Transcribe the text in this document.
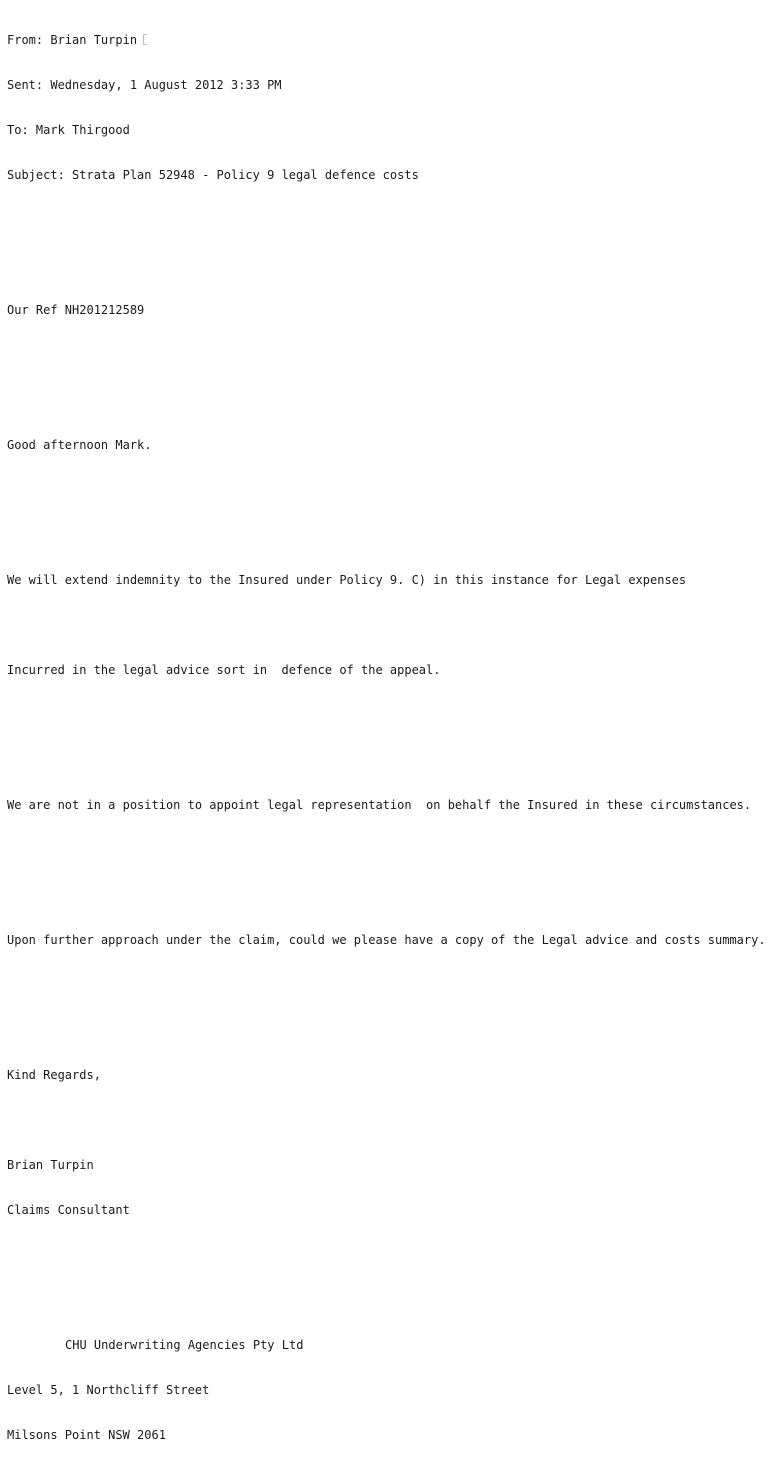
From: Brian Turpin

Sent: Wednesday, 1 August 2012 3:33 PM

To: Mark Thirgood

Subject: Strata Plan 52948 - Policy 9 legal defence costs

Our Ref NH201212589

Good afternoon Mark.

We will extend indemnity to the Insured under Policy 9. C) in this instance for Legal expenses

Incurred in the legal advice sort in  defence of the appeal.

We are not in a position to appoint legal representation  on behalf the Insured in these circumstances.

Upon further approach under the claim, could we please have a copy of the Legal advice and costs summary.

Kind Regards,

Brian Turpin

Claims Consultant

CHU Underwriting Agencies Pty Ltd

Level 5, 1 Northcliff Street

Milsons Point NSW 2061
